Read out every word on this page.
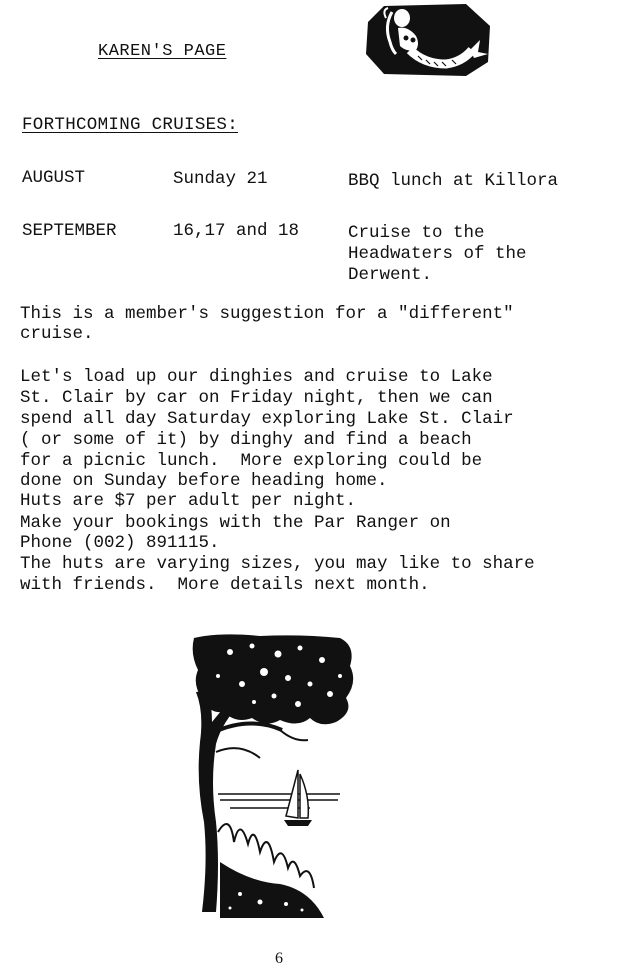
KAREN'S PAGE
FORTHCOMING CRUISES:
AUGUST	Sunday 21	BBQ lunch at Killora
SEPTEMBER	16,17 and 18	Cruise to the
Headwaters of the
Derwent.
This is a member's suggestion for a "different"
cruise.
Let's load up our dinghies and cruise to Lake
St. Clair by car on Friday night, then we can
spend all day Saturday exploring Lake St. Clair
( or some of it) by dinghy and find a beach
for a picnic lunch.  More exploring could be
done on Sunday before heading home.
Huts are $7 per adult per night.
Make your bookings with the Par Ranger on
Phone (002) 891115.
The huts are varying sizes, you may like to share
with friends.  More details next month.
6
